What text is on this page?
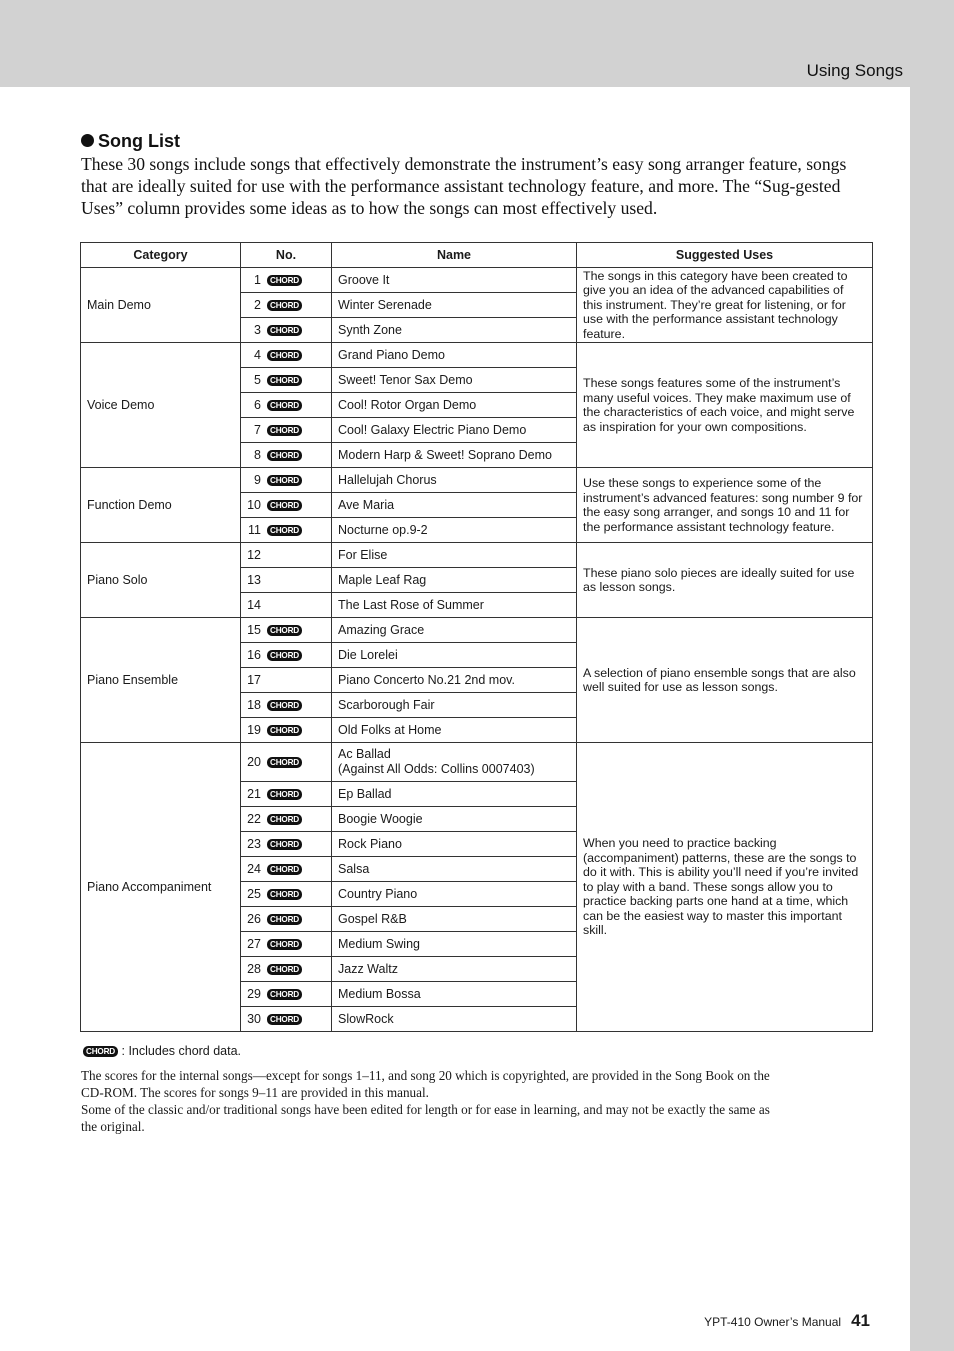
Using Songs
Song List
These 30 songs include songs that effectively demonstrate the instrument’s easy song arranger feature, songs that are ideally suited for use with the performance assistant technology feature, and more. The “Sug-gested Uses” column provides some ideas as to how the songs can most effectively used.
Category	No.	Name	Suggested Uses
Main Demo	1 CHORD	Groove It	The songs in this category have been created to give you an idea of the advanced capabilities of this instrument. They’re great for listening, or for use with the performance assistant technology feature.
	2 CHORD	Winter Serenade	

	3 CHORD	Synth Zone	

Voice Demo	4 CHORD	Grand Piano Demo	These songs features some of the instrument’s many useful voices. They make maximum use of the characteristics of each voice, and might serve as inspiration for your own compositions.
	5 CHORD	Sweet! Tenor Sax Demo	

	6 CHORD	Cool! Rotor Organ Demo	

	7 CHORD	Cool! Galaxy Electric Piano Demo	

	8 CHORD	Modern Harp & Sweet! Soprano Demo	

Function Demo	9 CHORD	Hallelujah Chorus	Use these songs to experience some of the instrument’s advanced features: song number 9 for the easy song arranger, and songs 10 and 11 for the performance assistant technology feature.
	10 CHORD	Ave Maria	

	11 CHORD	Nocturne op.9-2	

Piano Solo	12	For Elise	These piano solo pieces are ideally suited for use as lesson songs.
	13	Maple Leaf Rag	

	14	The Last Rose of Summer	

Piano Ensemble	15 CHORD	Amazing Grace	A selection of piano ensemble songs that are also well suited for use as lesson songs.
	16 CHORD	Die Lorelei	

	17	Piano Concerto No.21 2nd mov.	

	18 CHORD	Scarborough Fair	

	19 CHORD	Old Folks at Home	

Piano Accompaniment	20 CHORD	Ac Ballad
(Against All Odds: Collins 0007403)	When you need to practice backing (accompaniment) patterns, these are the songs to do it with. This is ability you’ll need if you’re invited to play with a band. These songs allow you to practice backing parts one hand at a time, which can be the easiest way to master this important skill.
	21 CHORD	Ep Ballad	

	22 CHORD	Boogie Woogie	

	23 CHORD	Rock Piano	

	24 CHORD	Salsa	

	25 CHORD	Country Piano	

	26 CHORD	Gospel R&B	

	27 CHORD	Medium Swing	

	28 CHORD	Jazz Waltz	

	29 CHORD	Medium Bossa	

	30 CHORD	SlowRock	
CHORD : Includes chord data.

The scores for the internal songs—except for songs 1–11, and song 20 which is copyrighted, are provided in the Song Book on the CD-ROM. The scores for songs 9–11 are provided in this manual.

Some of the classic and/or traditional songs have been edited for length or for ease in learning, and may not be exactly the same as the original.

YPT-410 Owner’s Manual 41
